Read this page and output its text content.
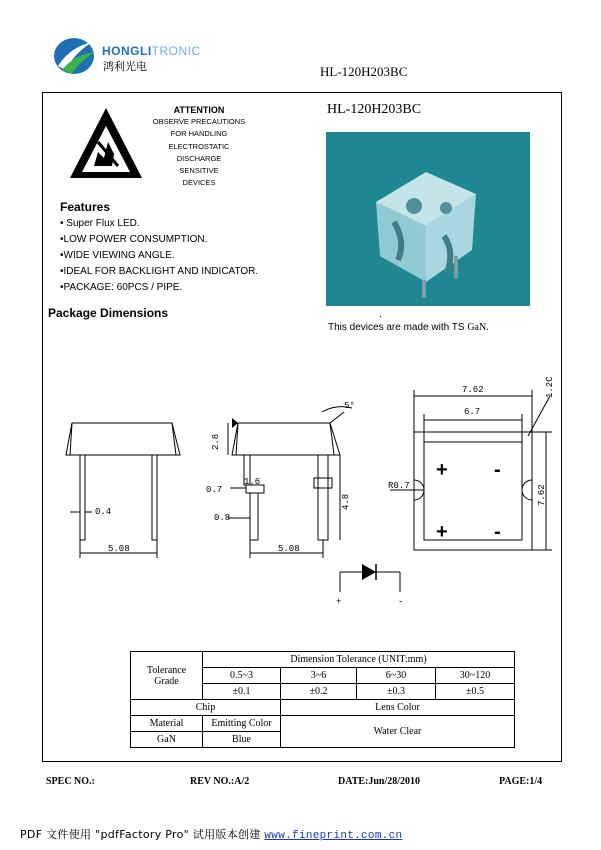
HONGLITRONIC
鸿利光电	HL-120H203BC
ATTENTION
OBSERVE PRECAUTIONS
FOR HANDLING
ELECTROSTATIC
DISCHARGE
SENSITIVE
DEVICES
Features
• Super Flux LED.
•LOW POWER CONSUMPTION.
•WIDE VIEWING ANGLE.
•IDEAL FOR BACKLIGHT AND INDICATOR.
•PACKAGE: 60PCS / PIPE.
Package Dimensions
HL-120H203BC
.
This devices are made with TS GaN.
0.4
5.08
2.8
0.7
1.6
0.8
4.8
5.08
5°
7.62
6.7
1.2C
R0.7	7.62
+ -
+ -
+	-
Tolerance
Grade	Dimension Tolerance (UNIT:mm)			
	0.5~3	3~6	6~30	30~120
	±0.1	±0.2	±0.3	±0.5
Chip		Lens Color		
Material	Emitting Color	Water Clear		
GaN	Blue			
SPEC NO.:	REV NO.:A/2	DATE:Jun/28/2010	PAGE:1/4
PDF 文件使用 "pdfFactory Pro" 试用版本创建 www.fineprint.com.cn
